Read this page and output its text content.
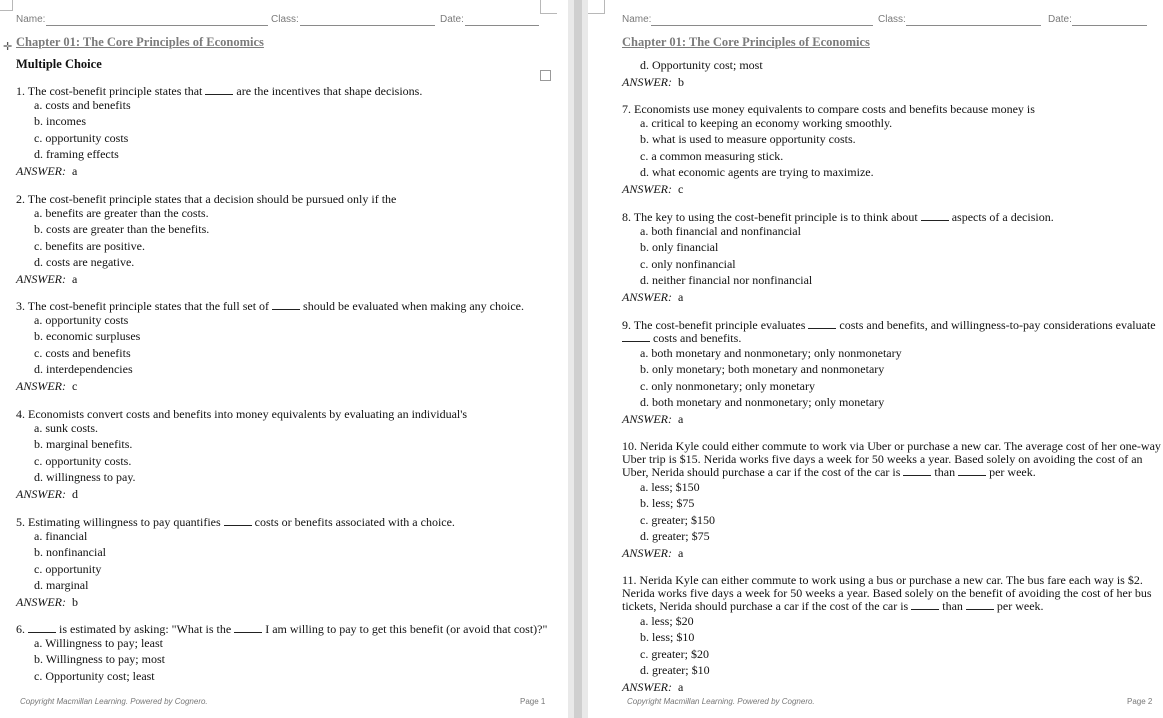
Name:	Class:	Date:
✛ Chapter 01: The Core Principles of Economics
Multiple Choice
1. The cost-benefit principle states that	are the incentives that shape decisions.
a. costs and benefits
b. incomes
c. opportunity costs
d. framing effects
ANSWER: a
2. The cost-benefit principle states that a decision should be pursued only if the
a. benefits are greater than the costs.
b. costs are greater than the benefits.
c. benefits are positive.
d. costs are negative.
ANSWER: a
3. The cost-benefit principle states that the full set of	should be evaluated when making any choice.
a. opportunity costs
b. economic surpluses
c. costs and benefits
d. interdependencies
ANSWER: c
4. Economists convert costs and benefits into money equivalents by evaluating an individual's
a. sunk costs.
b. marginal benefits.
c. opportunity costs.
d. willingness to pay.
ANSWER: d
5. Estimating willingness to pay quantifies	costs or benefits associated with a choice.
a. financial
b. nonfinancial
c. opportunity
d. marginal
ANSWER: b
6.	is estimated by asking: "What is the	I am willing to pay to get this benefit (or avoid that cost)?"
a. Willingness to pay; least
b. Willingness to pay; most
c. Opportunity cost; least
Copyright Macmillan Learning. Powered by Cognero.	Page 1
Name:	Class:	Date:
Chapter 01: The Core Principles of Economics
d. Opportunity cost; most
ANSWER: b
7. Economists use money equivalents to compare costs and benefits because money is
a. critical to keeping an economy working smoothly.
b. what is used to measure opportunity costs.
c. a common measuring stick.
d. what economic agents are trying to maximize.
ANSWER: c
8. The key to using the cost-benefit principle is to think about	aspects of a decision.
a. both financial and nonfinancial
b. only financial
c. only nonfinancial
d. neither financial nor nonfinancial
ANSWER: a
9. The cost-benefit principle evaluates	costs and benefits, and willingness-to-pay considerations evaluate
costs and benefits.
a. both monetary and nonmonetary; only nonmonetary
b. only monetary; both monetary and nonmonetary
c. only nonmonetary; only monetary
d. both monetary and nonmonetary; only monetary
ANSWER: a
10. Nerida Kyle could either commute to work via Uber or purchase a new car. The average cost of her one-way
Uber trip is $15. Nerida works five days a week for 50 weeks a year. Based solely on avoiding the cost of an
Uber, Nerida should purchase a car if the cost of the car is	than	per week.
a. less; $150
b. less; $75
c. greater; $150
d. greater; $75
ANSWER: a
11. Nerida Kyle can either commute to work using a bus or purchase a new car. The bus fare each way is $2.
Nerida works five days a week for 50 weeks a year. Based solely on the benefit of avoiding the cost of her bus
tickets, Nerida should purchase a car if the cost of the car is	than	per week.
a. less; $20
b. less; $10
c. greater; $20
d. greater; $10
ANSWER: a
Copyright Macmillan Learning. Powered by Cognero.	Page 2
